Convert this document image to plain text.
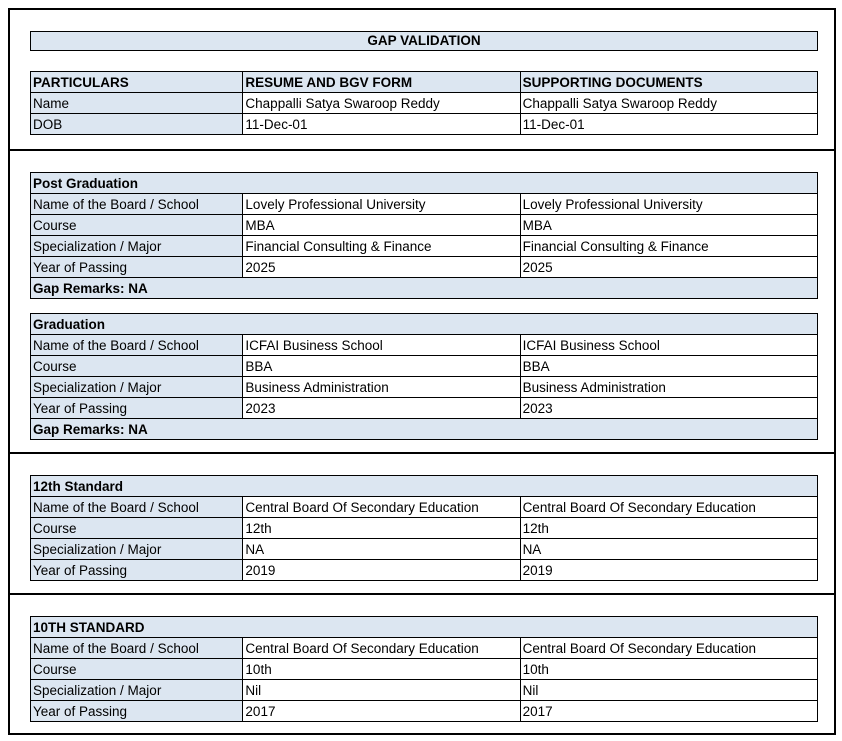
GAP VALIDATION
PARTICULARS	RESUME AND BGV FORM	SUPPORTING DOCUMENTS
Name	Chappalli Satya Swaroop Reddy	Chappalli Satya Swaroop Reddy
DOB	11-Dec-01	11-Dec-01
Post Graduation		
Name of the Board / School	Lovely Professional University	Lovely Professional University
Course	MBA	MBA
Specialization / Major	Financial Consulting & Finance	Financial Consulting & Finance
Year of Passing	2025	2025
Gap Remarks: NA		
Graduation		
Name of the Board / School	ICFAI Business School	ICFAI Business School
Course	BBA	BBA
Specialization / Major	Business Administration	Business Administration
Year of Passing	2023	2023
Gap Remarks: NA		
12th Standard		
Name of the Board / School	Central Board Of Secondary Education	Central Board Of Secondary Education
Course	12th	12th
Specialization / Major	NA	NA
Year of Passing	2019	2019
10TH STANDARD		
Name of the Board / School	Central Board Of Secondary Education	Central Board Of Secondary Education
Course	10th	10th
Specialization / Major	Nil	Nil
Year of Passing	2017	2017
